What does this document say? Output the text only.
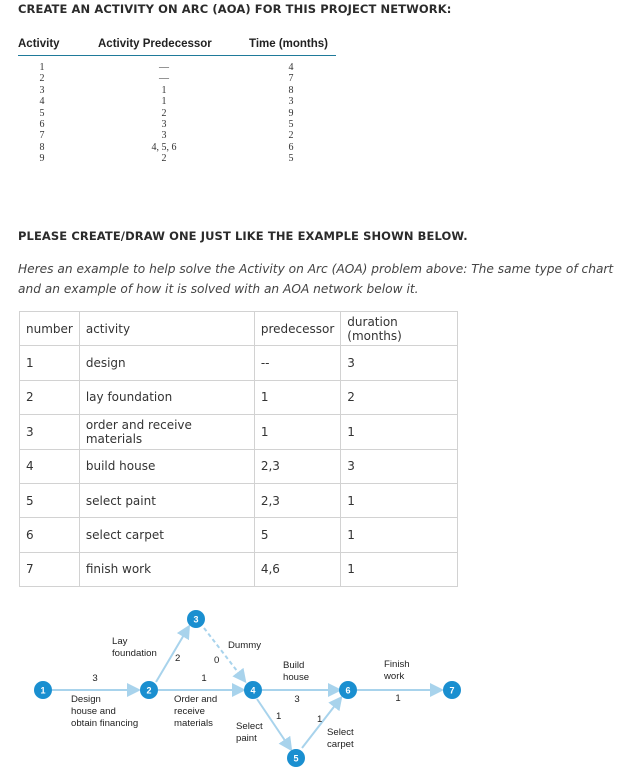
CREATE AN ACTIVITY ON ARC (AOA) FOR THIS PROJECT NETWORK:
Activity	Activity Predecessor	Time (months)
1	—	4
2	—	7
3	1	8
4	1	3
5	2	9
6	3	5
7	3	2
8	4, 5, 6	6
9	2	5
PLEASE CREATE/DRAW ONE JUST LIKE THE EXAMPLE SHOWN BELOW.
Heres an example to help solve the Activity on Arc (AOA) problem above: The same type of chart and an example of how it is solved with an AOA network below it.
number	activity	predecessor	duration (months)
1	design	--	3
2	lay foundation	1	2
3	order and receive materials	1	1
4	build house	2,3	3
5	select paint	2,3	1
6	select carpet	5	1
7	finish work	4,6	1
1	2
3
4
5
6	7
3
Design
house and
obtain financing
Lay
foundation 2
1
Order and
receive
materials
Dummy
0	Build
house
3
1
Select
paint
1
Select
carpet
Finish
work
1
